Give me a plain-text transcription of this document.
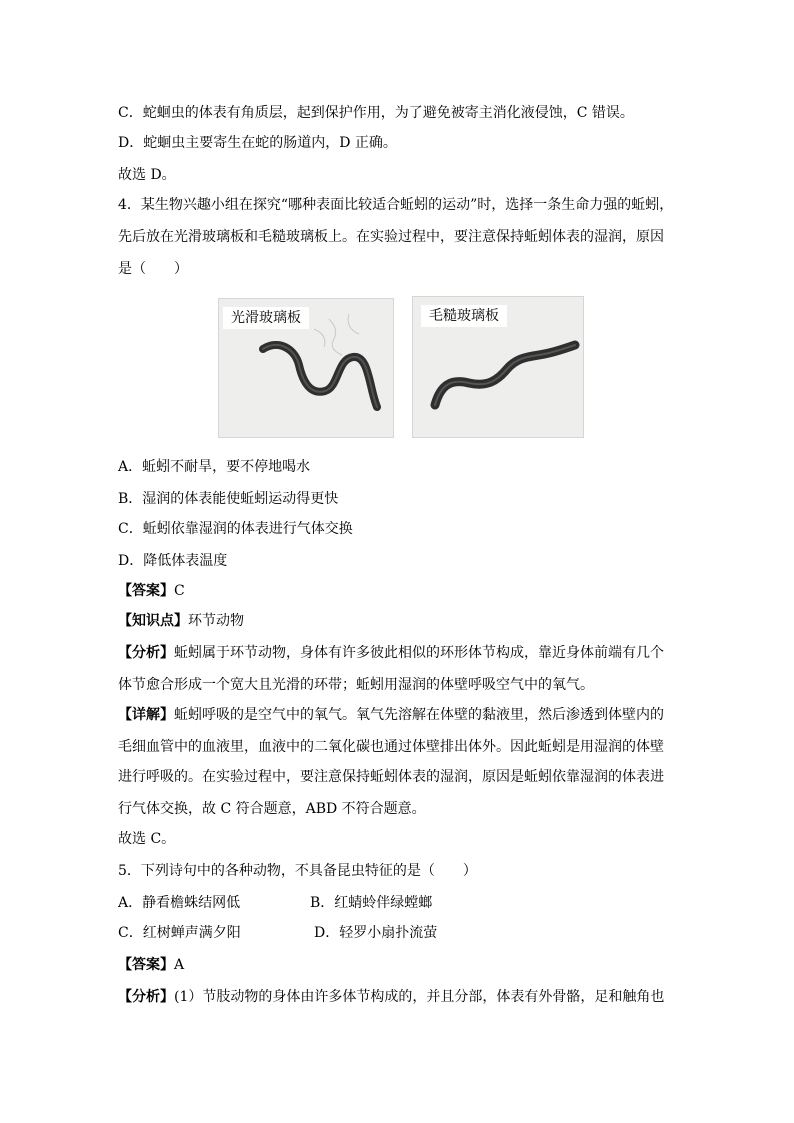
C．蛇蛔虫的体表有角质层，起到保护作用，为了避免被寄主消化液侵蚀，C 错误。
D．蛇蛔虫主要寄生在蛇的肠道内，D 正确。
故选 D。
4．某生物兴趣小组在探究“哪种表面比较适合蚯蚓的运动”时，选择一条生命力强的蚯蚓，
先后放在光滑玻璃板和毛糙玻璃板上。在实验过程中，要注意保持蚯蚓体表的湿润，原因
是（　　）
光滑玻璃板	毛糙玻璃板
A．蚯蚓不耐旱，要不停地喝水
B．湿润的体表能使蚯蚓运动得更快
C．蚯蚓依靠湿润的体表进行气体交换
D．降低体表温度
【答案】C
【知识点】环节动物
【分析】蚯蚓属于环节动物，身体有许多彼此相似的环形体节构成，靠近身体前端有几个
体节愈合形成一个宽大且光滑的环带；蚯蚓用湿润的体壁呼吸空气中的氧气。
【详解】蚯蚓呼吸的是空气中的氧气。氧气先溶解在体壁的黏液里，然后渗透到体壁内的
毛细血管中的血液里，血液中的二氧化碳也通过体壁排出体外。因此蚯蚓是用湿润的体壁
进行呼吸的。在实验过程中，要注意保持蚯蚓体表的湿润，原因是蚯蚓依靠湿润的体表进
行气体交换，故 C 符合题意，ABD 不符合题意。
故选 C。
5．下列诗句中的各种动物，不具备昆虫特征的是（　　）
A．静看檐蛛结网低	B．红蜻蛉伴绿螳螂
C．红树蝉声满夕阳	D．轻罗小扇扑流萤
【答案】A
【分析】(1）节肢动物的身体由许多体节构成的，并且分部，体表有外骨骼，足和触角也
